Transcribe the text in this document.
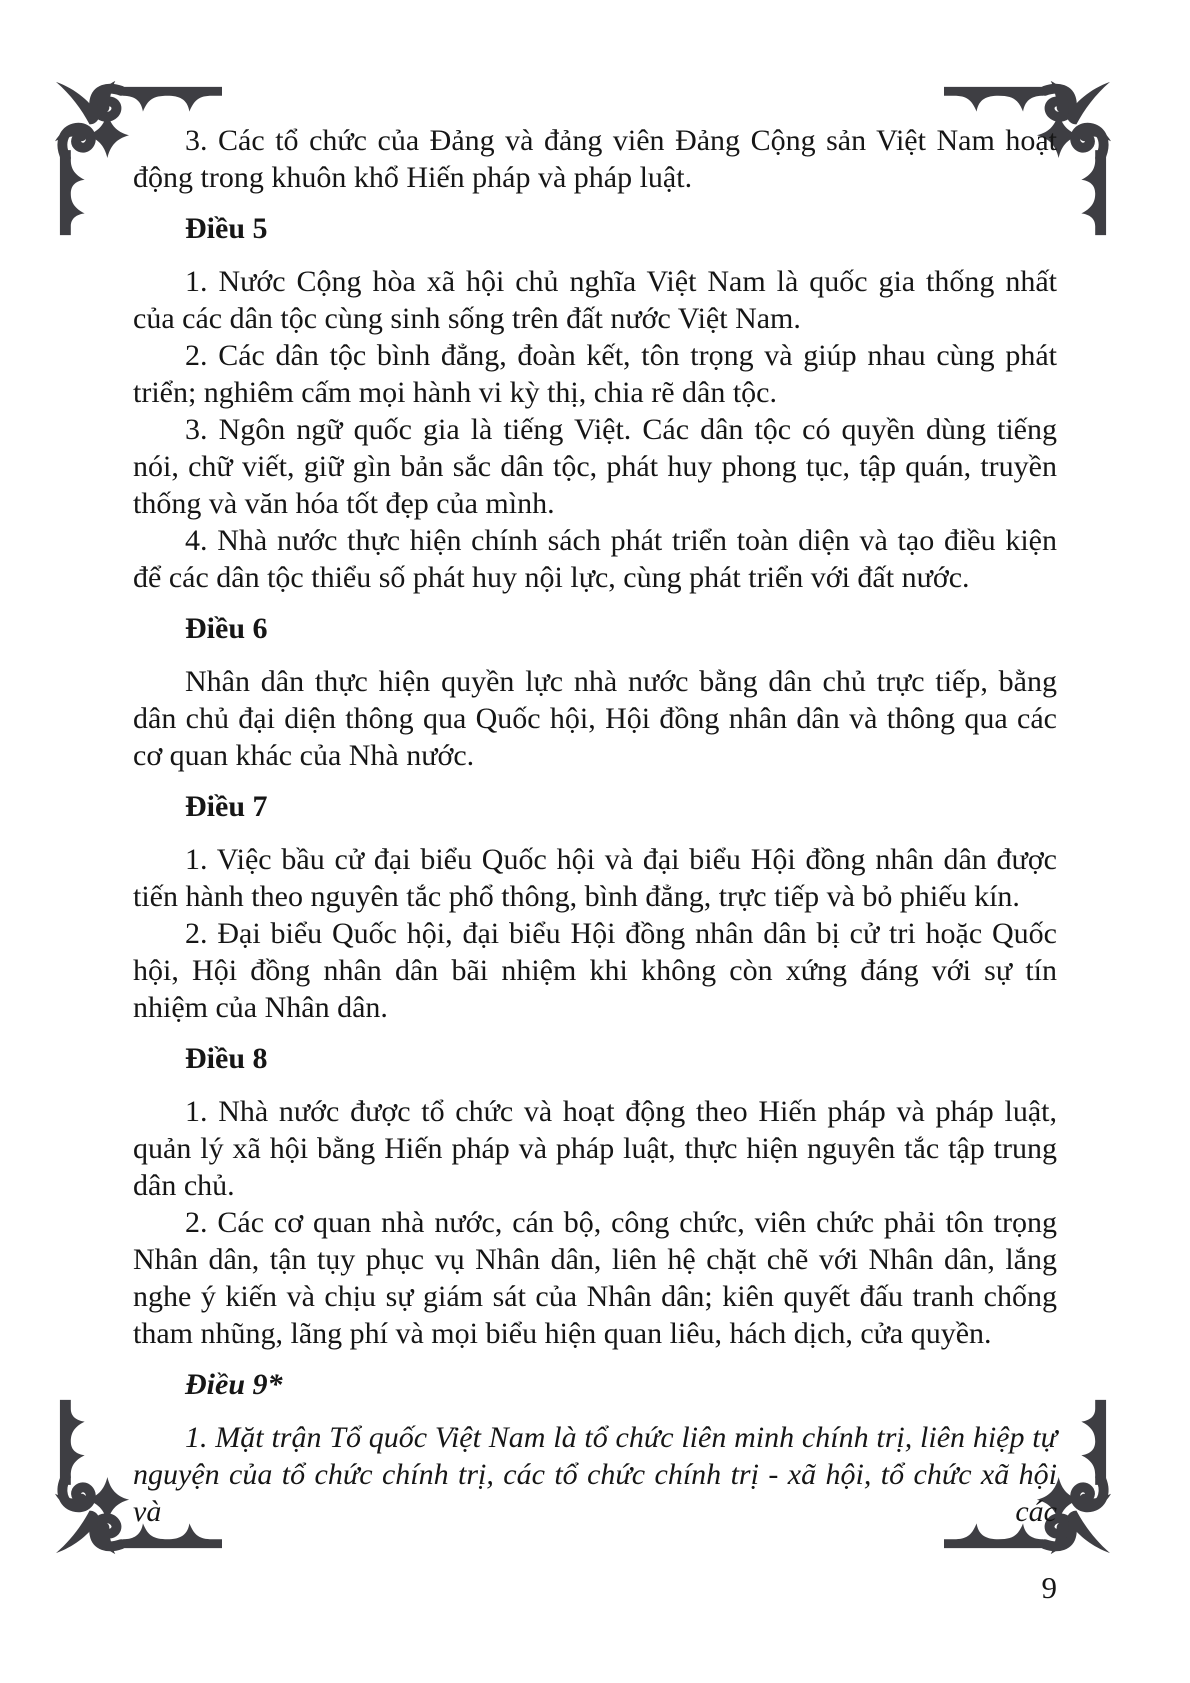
3. Các tổ chức của Đảng và đảng viên Đảng Cộng sản Việt Nam hoạt động trong khuôn khổ Hiến pháp và pháp luật.

Điều 5

1. Nước Cộng hòa xã hội chủ nghĩa Việt Nam là quốc gia thống nhất của các dân tộc cùng sinh sống trên đất nước Việt Nam.

2. Các dân tộc bình đẳng, đoàn kết, tôn trọng và giúp nhau cùng phát triển; nghiêm cấm mọi hành vi kỳ thị, chia rẽ dân tộc.

3. Ngôn ngữ quốc gia là tiếng Việt. Các dân tộc có quyền dùng tiếng nói, chữ viết, giữ gìn bản sắc dân tộc, phát huy phong tục, tập quán, truyền thống và văn hóa tốt đẹp của mình.

4. Nhà nước thực hiện chính sách phát triển toàn diện và tạo điều kiện để các dân tộc thiểu số phát huy nội lực, cùng phát triển với đất nước.

Điều 6

Nhân dân thực hiện quyền lực nhà nước bằng dân chủ trực tiếp, bằng dân chủ đại diện thông qua Quốc hội, Hội đồng nhân dân và thông qua các cơ quan khác của Nhà nước.

Điều 7

1. Việc bầu cử đại biểu Quốc hội và đại biểu Hội đồng nhân dân được tiến hành theo nguyên tắc phổ thông, bình đẳng, trực tiếp và bỏ phiếu kín.

2. Đại biểu Quốc hội, đại biểu Hội đồng nhân dân bị cử tri hoặc Quốc hội, Hội đồng nhân dân bãi nhiệm khi không còn xứng đáng với sự tín nhiệm của Nhân dân.

Điều 8

1. Nhà nước được tổ chức và hoạt động theo Hiến pháp và pháp luật, quản lý xã hội bằng Hiến pháp và pháp luật, thực hiện nguyên tắc tập trung dân chủ.

2. Các cơ quan nhà nước, cán bộ, công chức, viên chức phải tôn trọng Nhân dân, tận tụy phục vụ Nhân dân, liên hệ chặt chẽ với Nhân dân, lắng nghe ý kiến và chịu sự giám sát của Nhân dân; kiên quyết đấu tranh chống tham nhũng, lãng phí và mọi biểu hiện quan liêu, hách dịch, cửa quyền.

Điều 9*

1. Mặt trận Tổ quốc Việt Nam là tổ chức liên minh chính trị, liên hiệp tự nguyện của tổ chức chính trị, các tổ chức chính trị - xã hội, tổ chức xã hội và các

9
